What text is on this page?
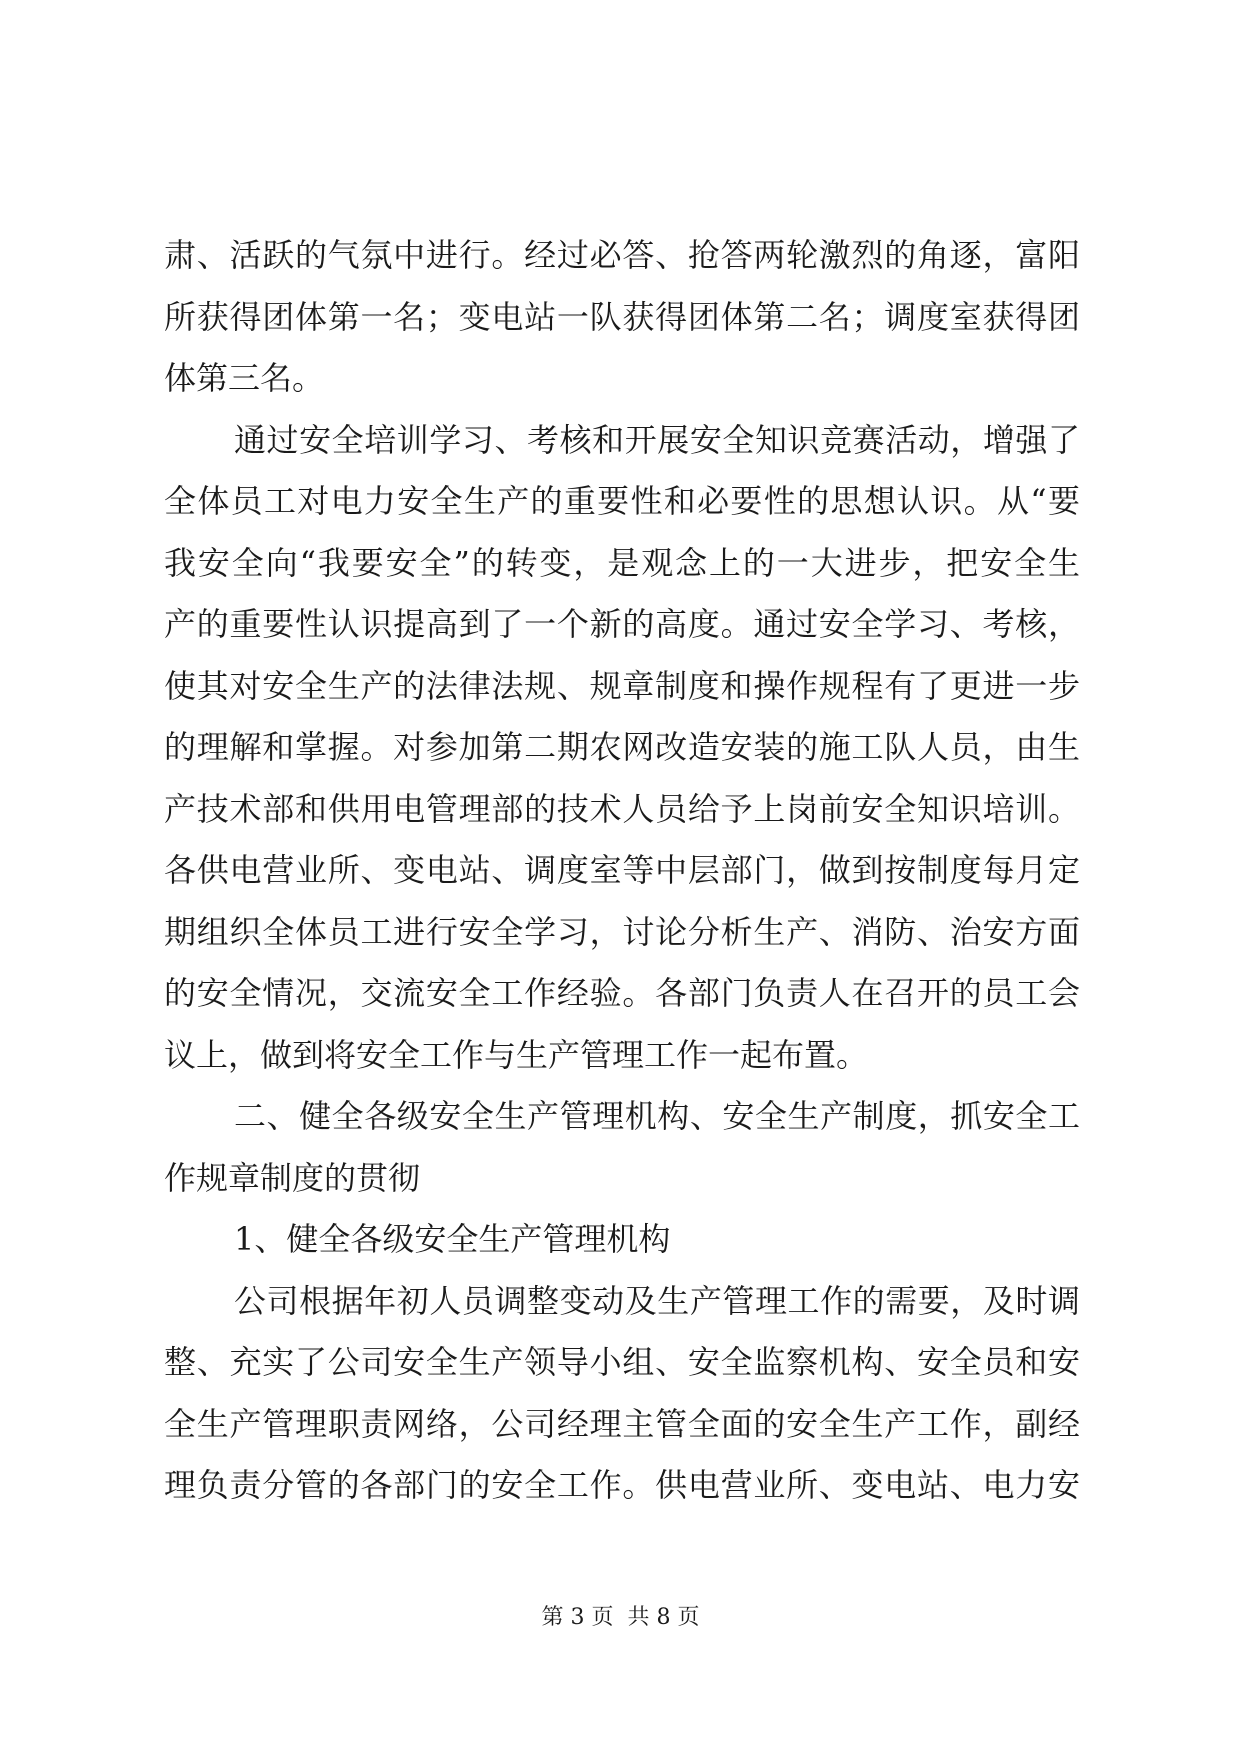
肃、活跃的气氛中进行。经过必答、抢答两轮激烈的角逐，富阳
所获得团体第一名；变电站一队获得团体第二名；调度室获得团
体第三名。
通过安全培训学习、考核和开展安全知识竞赛活动，增强了
全体员工对电力安全生产的重要性和必要性的思想认识。从“要
我安全向“我要安全”的转变，是观念上的一大进步，把安全生
产的重要性认识提高到了一个新的高度。通过安全学习、考核，
使其对安全生产的法律法规、规章制度和操作规程有了更进一步
的理解和掌握。对参加第二期农网改造安装的施工队人员，由生
产技术部和供用电管理部的技术人员给予上岗前安全知识培训。
各供电营业所、变电站、调度室等中层部门，做到按制度每月定
期组织全体员工进行安全学习，讨论分析生产、消防、治安方面
的安全情况，交流安全工作经验。各部门负责人在召开的员工会
议上，做到将安全工作与生产管理工作一起布置。
二、健全各级安全生产管理机构、安全生产制度，抓安全工
作规章制度的贯彻
1、健全各级安全生产管理机构
公司根据年初人员调整变动及生产管理工作的需要，及时调
整、充实了公司安全生产领导小组、安全监察机构、安全员和安
全生产管理职责网络，公司经理主管全面的安全生产工作，副经
理负责分管的各部门的安全工作。供电营业所、变电站、电力安
第 3 页 共 8 页
